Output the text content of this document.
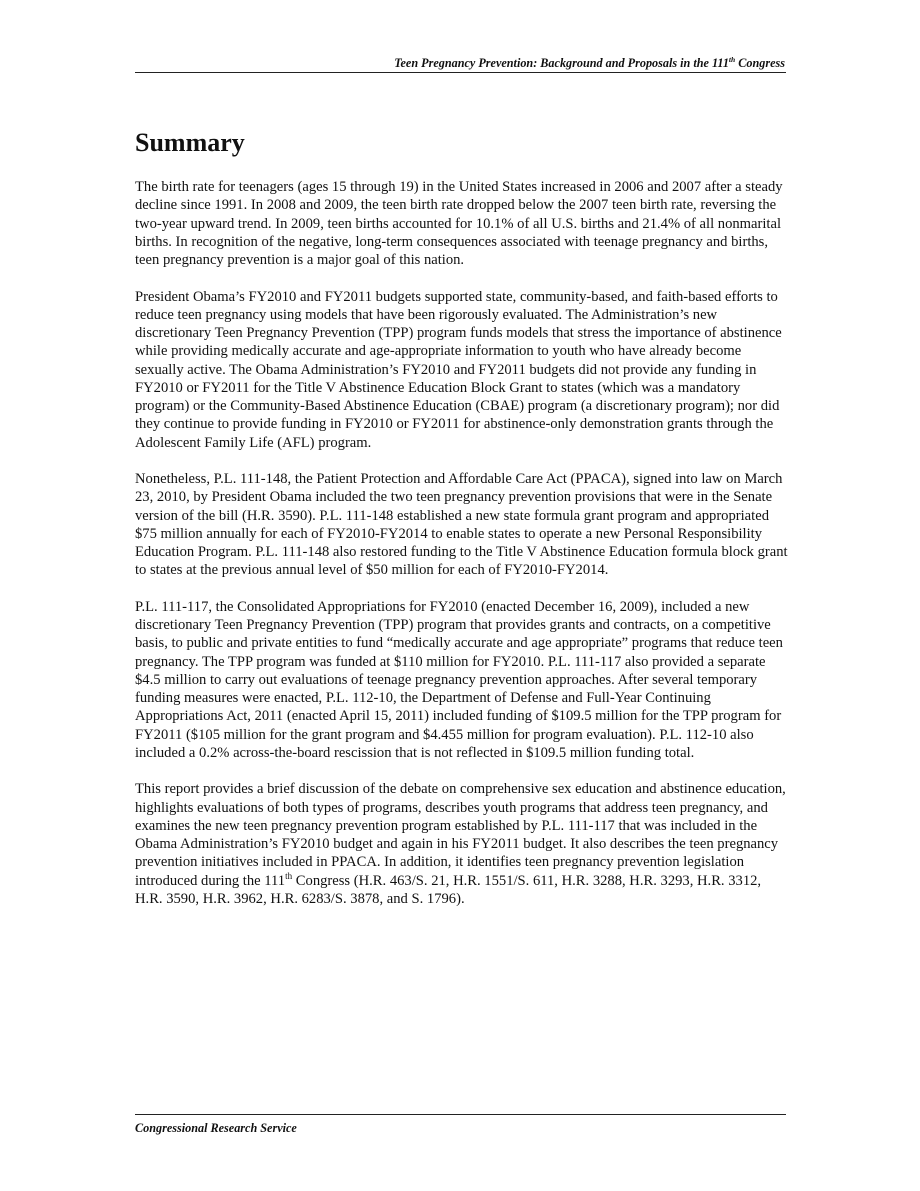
Teen Pregnancy Prevention: Background and Proposals in the 111th Congress
Summary

The birth rate for teenagers (ages 15 through 19) in the United States increased in 2006 and 2007 after a steady decline since 1991. In 2008 and 2009, the teen birth rate dropped below the 2007 teen birth rate, reversing the two-year upward trend. In 2009, teen births accounted for 10.1% of all U.S. births and 21.4% of all nonmarital births. In recognition of the negative, long-term consequences associated with teenage pregnancy and births, teen pregnancy prevention is a major goal of this nation.

President Obama’s FY2010 and FY2011 budgets supported state, community-based, and faith-based efforts to reduce teen pregnancy using models that have been rigorously evaluated. The Administration’s new discretionary Teen Pregnancy Prevention (TPP) program funds models that stress the importance of abstinence while providing medically accurate and age-appropriate information to youth who have already become sexually active. The Obama Administration’s FY2010 and FY2011 budgets did not provide any funding in FY2010 or FY2011 for the Title V Abstinence Education Block Grant to states (which was a mandatory program) or the Community-Based Abstinence Education (CBAE) program (a discretionary program); nor did they continue to provide funding in FY2010 or FY2011 for abstinence-only demonstration grants through the Adolescent Family Life (AFL) program.

Nonetheless, P.L. 111-148, the Patient Protection and Affordable Care Act (PPACA), signed into law on March 23, 2010, by President Obama included the two teen pregnancy prevention provisions that were in the Senate version of the bill (H.R. 3590). P.L. 111-148 established a new state formula grant program and appropriated $75 million annually for each of FY2010-FY2014 to enable states to operate a new Personal Responsibility Education Program. P.L. 111-148 also restored funding to the Title V Abstinence Education formula block grant to states at the previous annual level of $50 million for each of FY2010-FY2014.

P.L. 111-117, the Consolidated Appropriations for FY2010 (enacted December 16, 2009), included a new discretionary Teen Pregnancy Prevention (TPP) program that provides grants and contracts, on a competitive basis, to public and private entities to fund “medically accurate and age appropriate” programs that reduce teen pregnancy. The TPP program was funded at $110 million for FY2010. P.L. 111-117 also provided a separate $4.5 million to carry out evaluations of teenage pregnancy prevention approaches. After several temporary funding measures were enacted, P.L. 112-10, the Department of Defense and Full-Year Continuing Appropriations Act, 2011 (enacted April 15, 2011) included funding of $109.5 million for the TPP program for FY2011 ($105 million for the grant program and $4.455 million for program evaluation). P.L. 112-10 also included a 0.2% across-the-board rescission that is not reflected in $109.5 million funding total.

This report provides a brief discussion of the debate on comprehensive sex education and abstinence education, highlights evaluations of both types of programs, describes youth programs that address teen pregnancy, and examines the new teen pregnancy prevention program established by P.L. 111-117 that was included in the Obama Administration’s FY2010 budget and again in his FY2011 budget. It also describes the teen pregnancy prevention initiatives included in PPACA. In addition, it identifies teen pregnancy prevention legislation introduced during the 111th Congress (H.R. 463/S. 21, H.R. 1551/S. 611, H.R. 3288, H.R. 3293, H.R. 3312, H.R. 3590, H.R. 3962, H.R. 6283/S. 3878, and S. 1796).

Congressional Research Service
